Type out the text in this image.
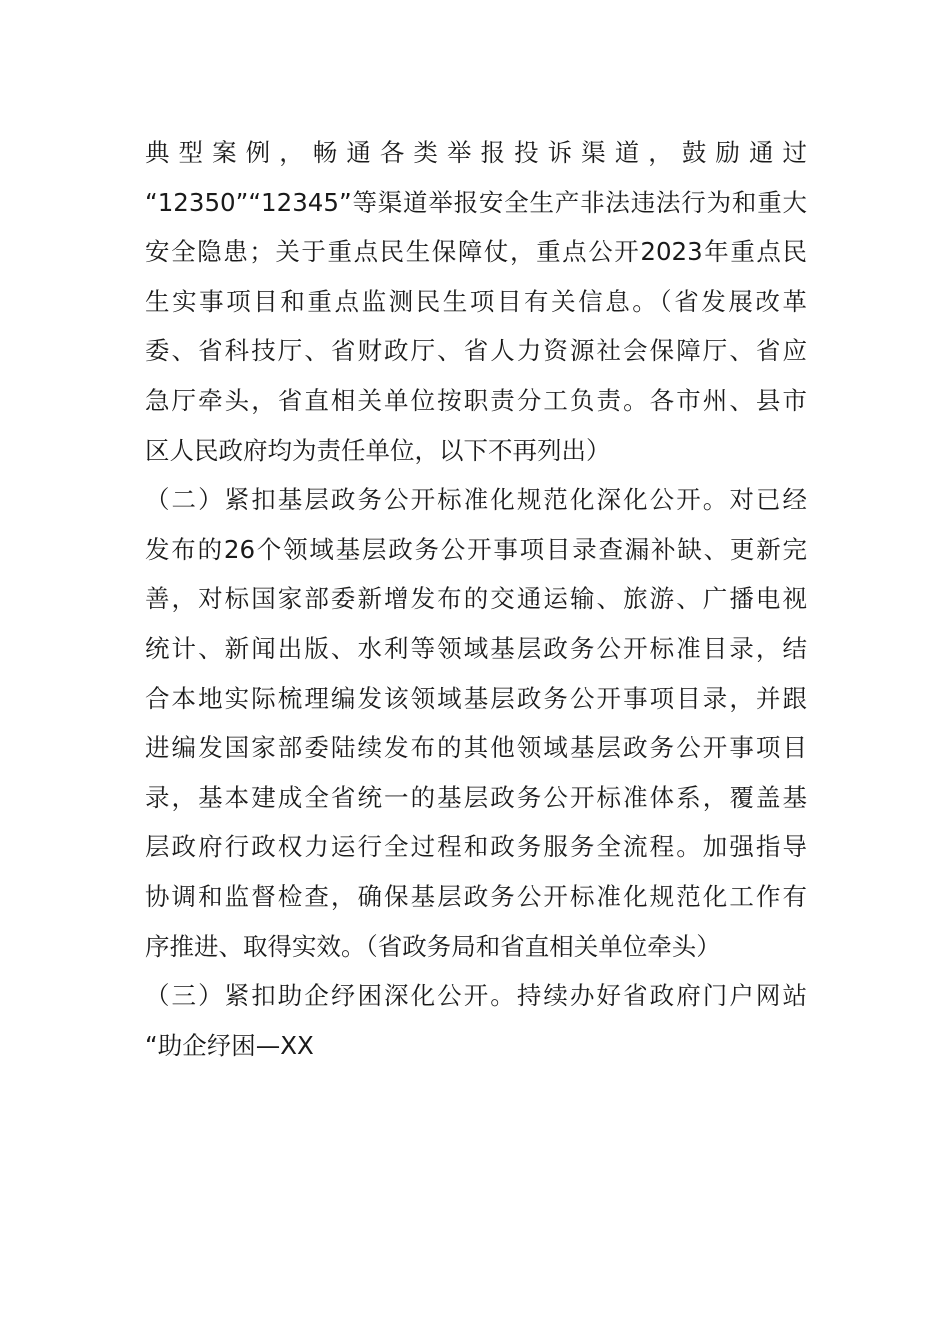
典型案例，畅通各类举报投诉渠道，鼓励通过
“12350”“12345”等渠道举报安全生产非法违法行为和重大
安全隐患；关于重点民生保障仗，重点公开2023年重点民
生实事项目和重点监测民生项目有关信息。（省发展改革
委、省科技厅、省财政厅、省人力资源社会保障厅、省应
急厅牵头，省直相关单位按职责分工负责。各市州、县市
区人民政府均为责任单位，以下不再列出）
（二）紧扣基层政务公开标准化规范化深化公开。对已经
发布的26个领域基层政务公开事项目录查漏补缺、更新完
善，对标国家部委新增发布的交通运输、旅游、广播电视
统计、新闻出版、水利等领域基层政务公开标准目录，结
合本地实际梳理编发该领域基层政务公开事项目录，并跟
进编发国家部委陆续发布的其他领域基层政务公开事项目
录，基本建成全省统一的基层政务公开标准体系，覆盖基
层政府行政权力运行全过程和政务服务全流程。加强指导
协调和监督检查，确保基层政务公开标准化规范化工作有
序推进、取得实效。（省政务局和省直相关单位牵头）
（三）紧扣助企纾困深化公开。持续办好省政府门户网站
“助企纾困—XX
